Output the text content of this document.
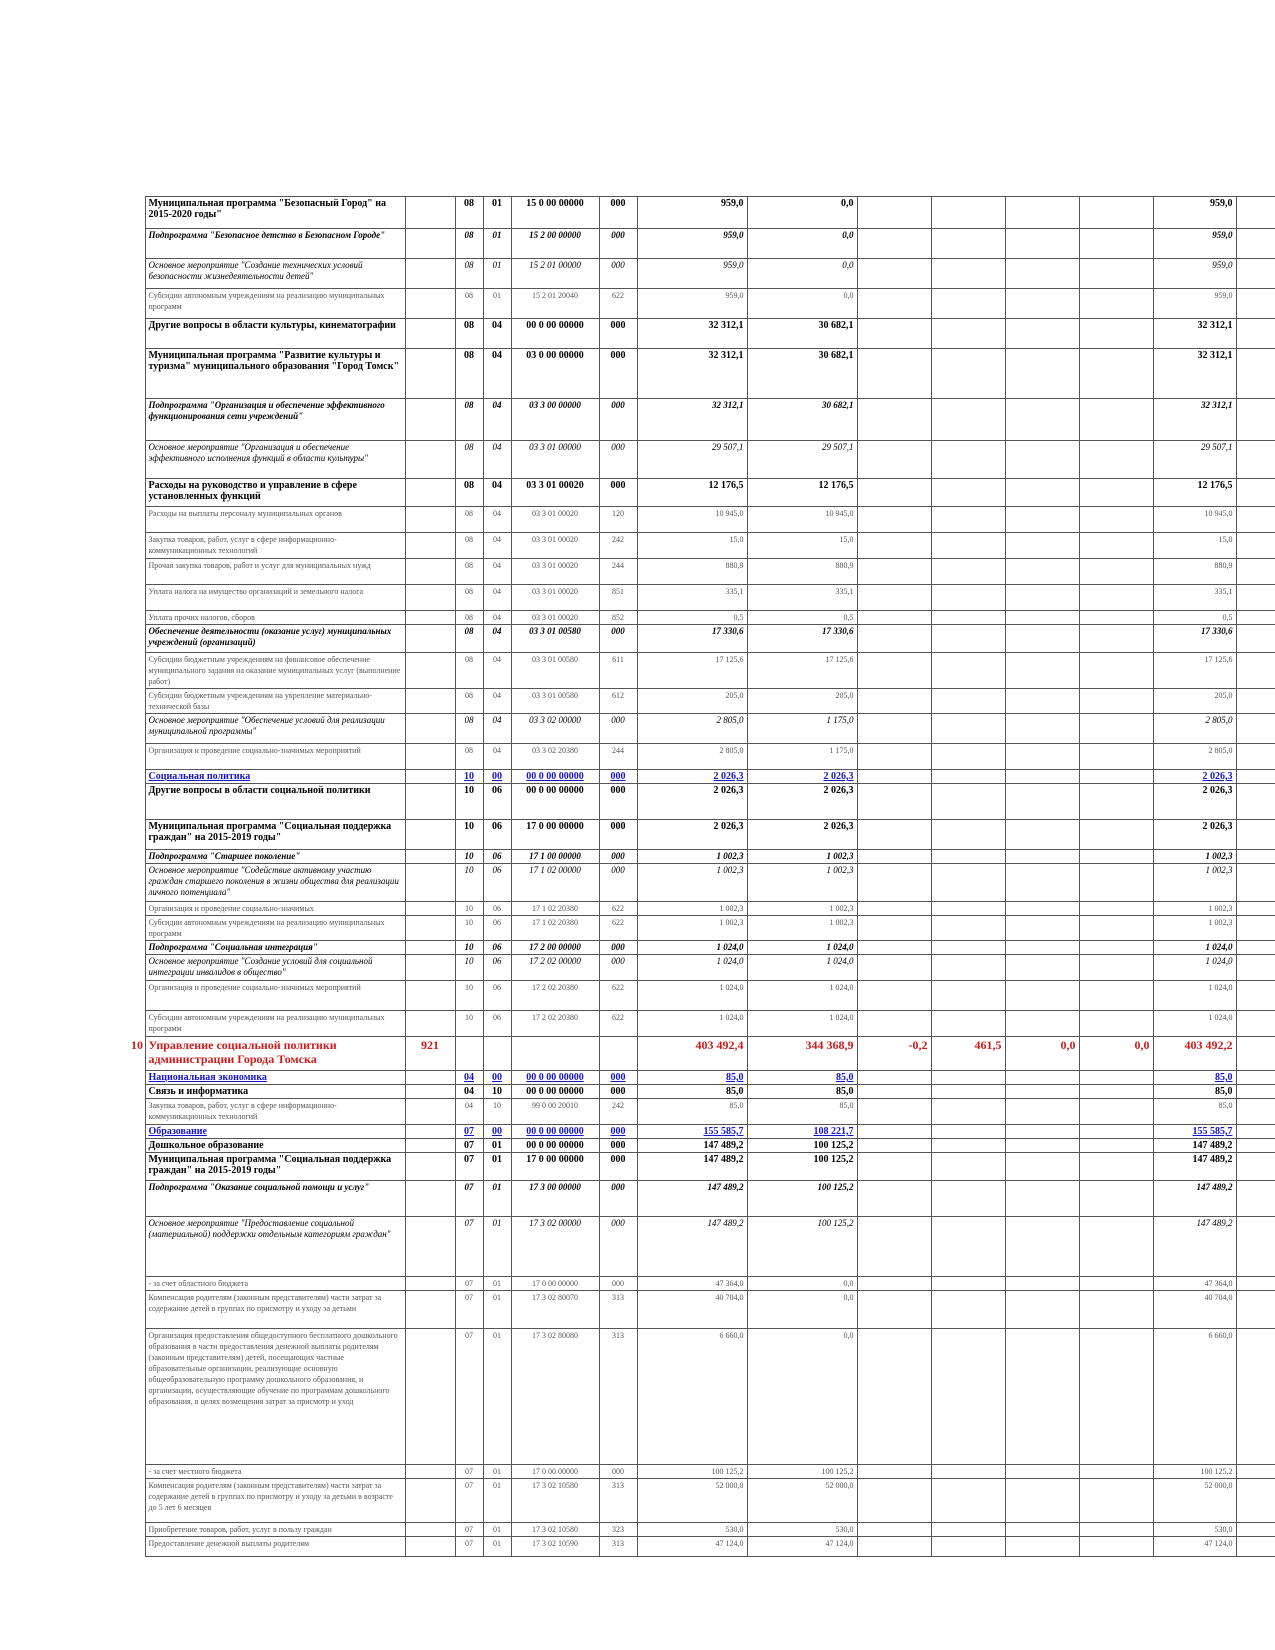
	Муниципальная программа "Безопасный Город" на 2015-2020 годы"		08	01	15 0 00 00000	000	959,0	0,0					959,0	
	Подпрограмма "Безопасное детство в Безопасном Городе"		08	01	15 2 00 00000	000	959,0	0,0					959,0	
	Основное мероприятие "Создание технических условий безопасности жизнедеятельности детей"		08	01	15 2 01 00000	000	959,0	0,0					959,0	
	Субсидии автономным учреждениям на реализацию муниципальных программ		08	01	15 2 01 20040	622	959,0	0,0					959,0	
	Другие вопросы в области культуры, кинематографии		08	04	00 0 00 00000	000	32 312,1	30 682,1					32 312,1	
	Муниципальная программа "Развитие культуры и туризма" муниципального образования "Город Томск"		08	04	03 0 00 00000	000	32 312,1	30 682,1					32 312,1	
	Подпрограмма "Организация и обеспечение эффективного функционирования сети учреждений"		08	04	03 3 00 00000	000	32 312,1	30 682,1					32 312,1	
	Основное мероприятие "Организация и обеспечение эффективного исполнения функций в области культуры"		08	04	03 3 01 00000	000	29 507,1	29 507,1					29 507,1	
	Расходы на руководство и управление в сфере установленных функций		08	04	03 3 01 00020	000	12 176,5	12 176,5					12 176,5	
	Расходы на выплаты персоналу муниципальных органов		08	04	03 3 01 00020	120	10 945,0	10 945,0					10 945,0	
	Закупка товаров, работ, услуг в сфере информационно-коммуникационных технологий		08	04	03 3 01 00020	242	15,0	15,0					15,0	
	Прочая закупка товаров, работ и услуг для муниципальных нужд		08	04	03 3 01 00020	244	880,9	880,9					880,9	
	Уплата налога на имущество организаций и земельного налога		08	04	03 3 01 00020	851	335,1	335,1					335,1	
	Уплата прочих налогов, сборов		08	04	03 3 01 00020	852	0,5	0,5					0,5	
	Обеспечение деятельности (оказание услуг) муниципальных учреждений (организаций)		08	04	03 3 01 00580	000	17 330,6	17 330,6					17 330,6	
	Субсидии бюджетным учреждениям на финансовое обеспечение муниципального задания на оказание муниципальных услуг (выполнение работ)		08	04	03 3 01 00580	611	17 125,6	17 125,6					17 125,6	
	Субсидии бюджетным учреждениям на укрепление материально-технической базы		08	04	03 3 01 00580	612	205,0	205,0					205,0	
	Основное мероприятие "Обеспечение условий для реализации муниципальной программы"		08	04	03 3 02 00000	000	2 805,0	1 175,0					2 805,0	
	Организация и проведение социально-значимых мероприятий		08	04	03 3 02 20380	244	2 805,0	1 175,0					2 805,0	
	Социальная политика		10	00	00 0 00 00000	000	2 026,3	2 026,3					2 026,3	
	Другие вопросы в области социальной политики		10	06	00 0 00 00000	000	2 026,3	2 026,3					2 026,3	
	Муниципальная программа "Социальная поддержка граждан" на 2015-2019 годы"		10	06	17 0 00 00000	000	2 026,3	2 026,3					2 026,3	
	Подпрограмма "Старшее поколение"		10	06	17 1 00 00000	000	1 002,3	1 002,3					1 002,3	
	Основное мероприятие "Содействие активному участию граждан старшего поколения в жизни общества для реализации личного потенциала"		10	06	17 1 02 00000	000	1 002,3	1 002,3					1 002,3	
	Организация и проведение социально-значимых		10	06	17 1 02 20380	622	1 002,3	1 002,3					1 002,3	
	Субсидии автономным учреждениям на реализацию муниципальных программ		10	06	17 1 02 20380	622	1 002,3	1 002,3					1 002,3	
	Подпрограмма "Социальная интеграция"		10	06	17 2 00 00000	000	1 024,0	1 024,0					1 024,0	
	Основное мероприятие "Создание условий для социальной интеграции инвалидов в общество"		10	06	17 2 02 00000	000	1 024,0	1 024,0					1 024,0	
	Организация и проведение социально-значимых мероприятий		10	06	17 2 02 20380	622	1 024,0	1 024,0					1 024,0	
	Субсидии автономным учреждениям на реализацию муниципальных программ		10	06	17 2 02 20380	622	1 024,0	1 024,0					1 024,0	
10	Управление социальной политики администрации Города Томска	921					403 492,4	344 368,9	-0,2	461,5	0,0	0,0	403 492,2	
	Национальная экономика		04	00	00 0 00 00000	000	85,0	85,0					85,0	
	Связь и информатика		04	10	00 0 00 00000	000	85,0	85,0					85,0	
	Закупка товаров, работ, услуг в сфере информационно-коммуникационных технологий		04	10	99 0 00 20010	242	85,0	85,0					85,0	
	Образование		07	00	00 0 00 00000	000	155 585,7	108 221,7					155 585,7	
	Дошкольное образование		07	01	00 0 00 00000	000	147 489,2	100 125,2					147 489,2	
	Муниципальная программа "Социальная поддержка граждан" на 2015-2019 годы"		07	01	17 0 00 00000	000	147 489,2	100 125,2					147 489,2	
	Подпрограмма "Оказание социальной помощи и услуг"		07	01	17 3 00 00000	000	147 489,2	100 125,2					147 489,2	
	Основное мероприятие "Предоставление социальной (материальной) поддержки отдельным категориям граждан"		07	01	17 3 02 00000	000	147 489,2	100 125,2					147 489,2	
	- за счет областного бюджета		07	01	17 0 00 00000	000	47 364,0	0,0					47 364,0	
	Компенсация родителям (законным представителям) части затрат за содержание детей в группах по присмотру и уходу за детьми		07	01	17 3 02 80070	313	40 704,0	0,0					40 704,0	
	Организация предоставления общедоступного бесплатного дошкольного образования в части предоставления денежной выплаты родителям (законным представителям) детей, посещающих частные образовательные организации, реализующие основную общеобразовательную программу дошкольного образования, и организации, осуществляющие обучение по программам дошкольного образования, в целях возмещения затрат за присмотр и уход		07	01	17 3 02 80080	313	6 660,0	0,0					6 660,0	
	- за счет местного бюджета		07	01	17 0 00 00000	000	100 125,2	100 125,2					100 125,2	
	Компенсация родителям (законным представителям) части затрат за содержание детей в группах по присмотру и уходу за детьми в возрасте до 5 лет 6 месяцев		07	01	17 3 02 10580	313	52 000,0	52 000,0					52 000,0	
	Приобретение товаров, работ, услуг в пользу граждан		07	01	17 3 02 10580	323	530,0	530,0					530,0	
	Предоставление денежной выплаты родителям		07	01	17 3 02 10590	313	47 124,0	47 124,0					47 124,0	
